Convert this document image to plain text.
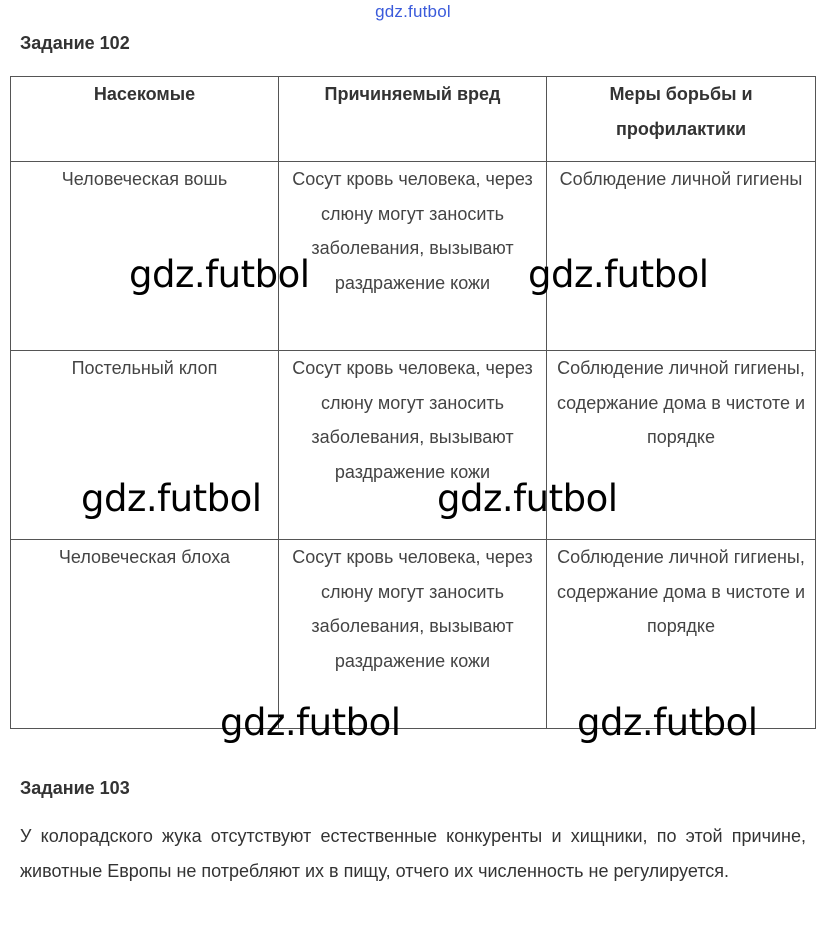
gdz.futbol
Задание 102
Насекомые	Причиняемый вред	Меры борьбы и профилактики
Человеческая вошь	Сосут кровь человека, через слюну могут заносить заболевания, вызывают раздражение кожи	Соблюдение личной гигиены
Постельный клоп	Сосут кровь человека, через слюну могут заносить заболевания, вызывают раздражение кожи	Соблюдение личной гигиены, содержание дома в чистоте и порядке
Человеческая блоха	Сосут кровь человека, через слюну могут заносить заболевания, вызывают раздражение кожи	Соблюдение личной гигиены, содержание дома в чистоте и порядке
Задание 103
У колорадского жука отсутствуют естественные конкуренты и хищники, по этой причине, животные Европы не потребляют их в пищу, отчего их численность не регулируется.
gdz.futbol	gdz.futbol
gdz.futbol	gdz.futbol
gdz.futbol	gdz.futbol
